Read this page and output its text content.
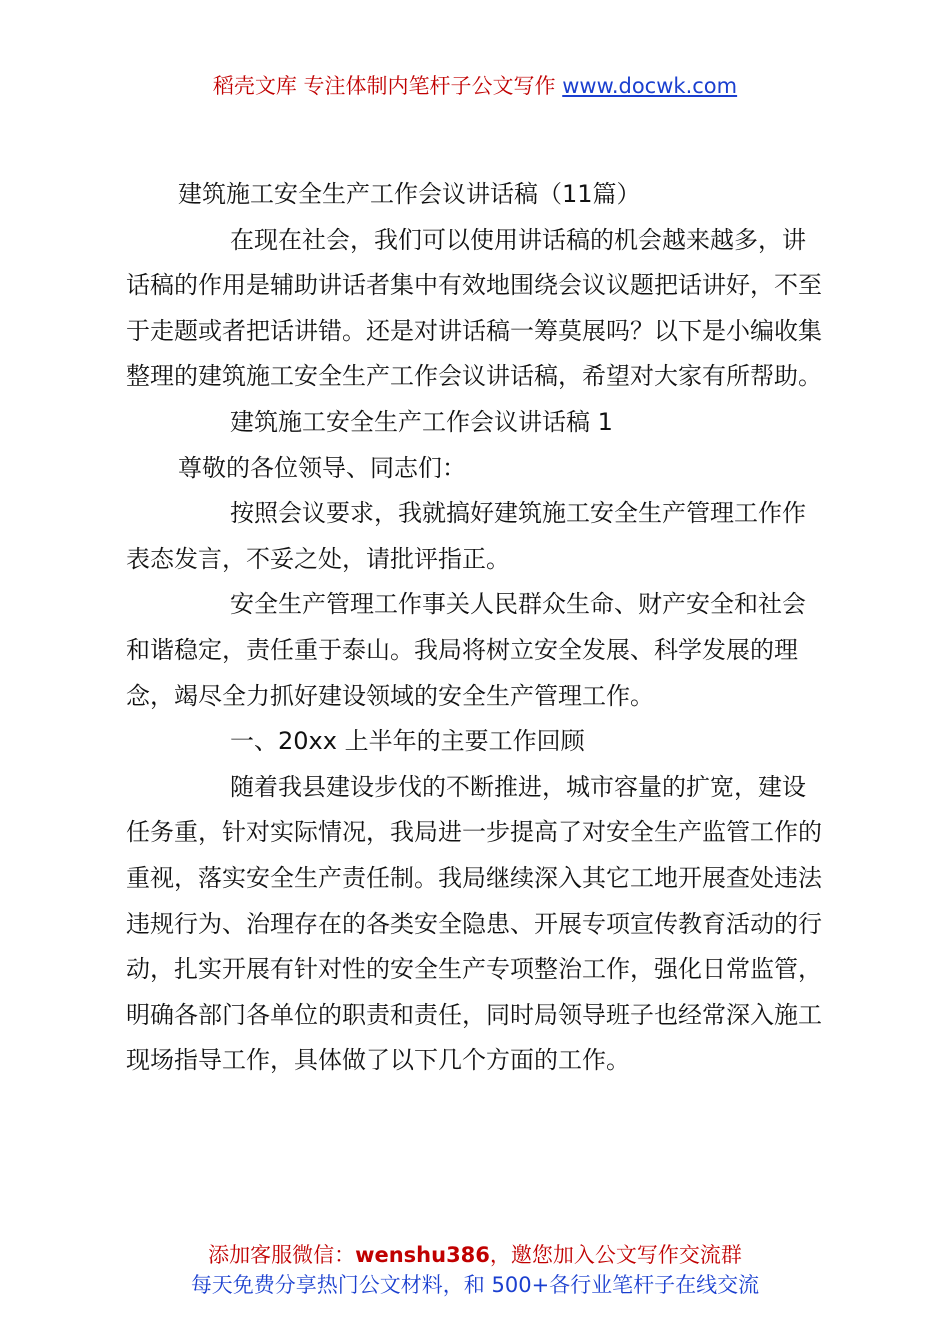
稻壳文库 专注体制内笔杆子公文写作 www.docwk.com

建筑施工安全生产工作会议讲话稿（11篇）

在现在社会，我们可以使用讲话稿的机会越来越多，讲话稿的作用是辅助讲话者集中有效地围绕会议议题把话讲好，不至于走题或者把话讲错。还是对讲话稿一筹莫展吗？以下是小编收集整理的建筑施工安全生产工作会议讲话稿，希望对大家有所帮助。

建筑施工安全生产工作会议讲话稿 1

尊敬的各位领导、同志们：

按照会议要求，我就搞好建筑施工安全生产管理工作作表态发言，不妥之处，请批评指正。

安全生产管理工作事关人民群众生命、财产安全和社会和谐稳定，责任重于泰山。我局将树立安全发展、科学发展的理念，竭尽全力抓好建设领域的安全生产管理工作。

一、20xx 上半年的主要工作回顾

随着我县建设步伐的不断推进，城市容量的扩宽，建设任务重，针对实际情况，我局进一步提高了对安全生产监管工作的重视，落实安全生产责任制。我局继续深入其它工地开展查处违法违规行为、治理存在的各类安全隐患、开展专项宣传教育活动的行动，扎实开展有针对性的安全生产专项整治工作，强化日常监管，明确各部门各单位的职责和责任，同时局领导班子也经常深入施工现场指导工作，具体做了以下几个方面的工作。

添加客服微信：wenshu386，邀您加入公文写作交流群
每天免费分享热门公文材料，和 500+各行业笔杆子在线交流
